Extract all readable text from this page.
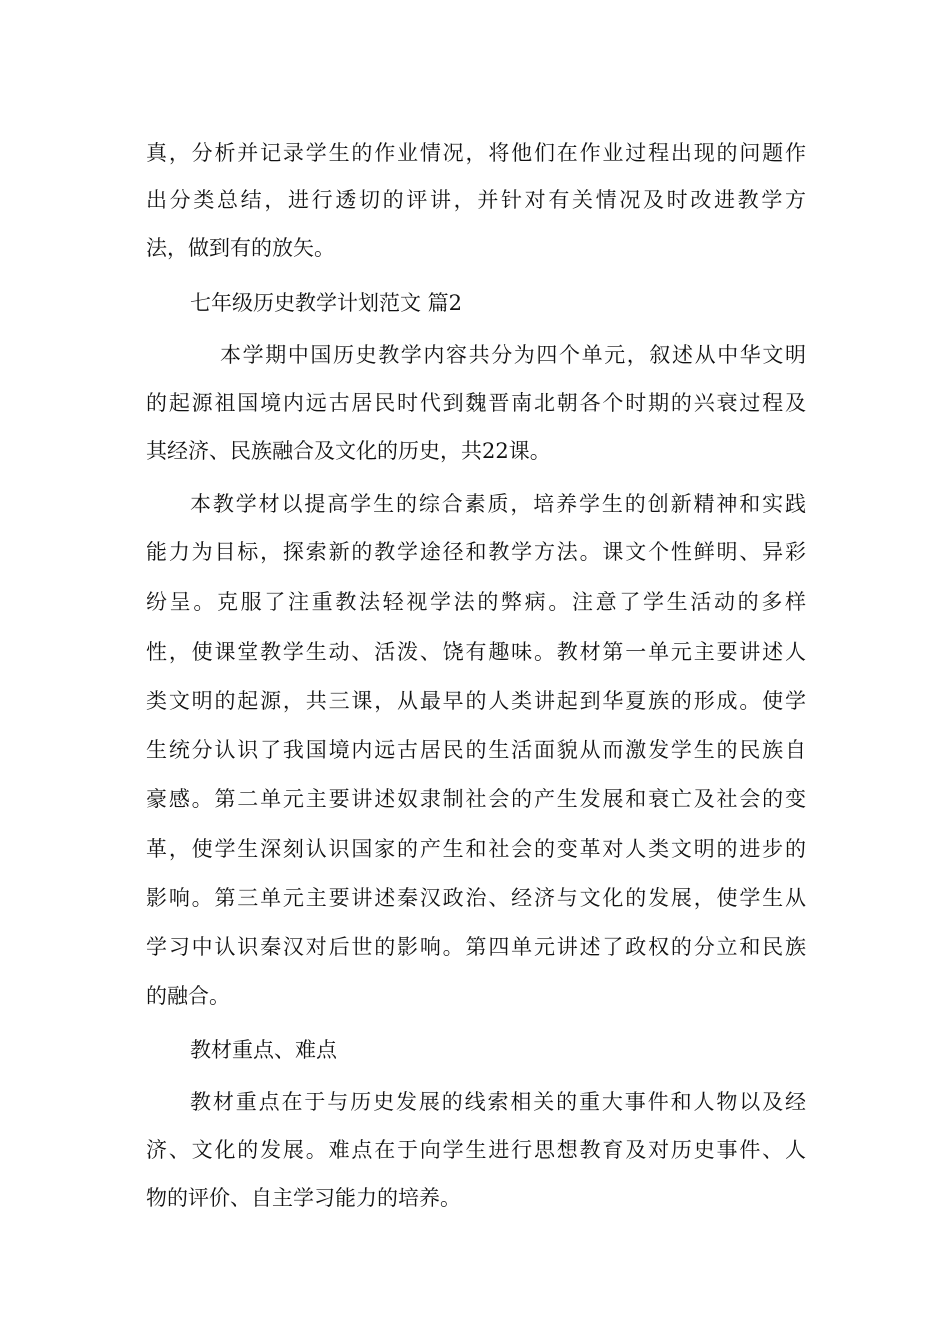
真，分析并记录学生的作业情况，将他们在作业过程出现的问题作
出分类总结，进行透切的评讲，并针对有关情况及时改进教学方
法，做到有的放矢。
七年级历史教学计划范文 篇2
本学期中国历史教学内容共分为四个单元，叙述从中华文明
的起源祖国境内远古居民时代到魏晋南北朝各个时期的兴衰过程及
其经济、民族融合及文化的历史，共22课。
本教学材以提高学生的综合素质，培养学生的创新精神和实践
能力为目标，探索新的教学途径和教学方法。课文个性鲜明、异彩
纷呈。克服了注重教法轻视学法的弊病。注意了学生活动的多样
性，使课堂教学生动、活泼、饶有趣味。教材第一单元主要讲述人
类文明的起源，共三课，从最早的人类讲起到华夏族的形成。使学
生统分认识了我国境内远古居民的生活面貌从而激发学生的民族自
豪感。第二单元主要讲述奴隶制社会的产生发展和衰亡及社会的变
革，使学生深刻认识国家的产生和社会的变革对人类文明的进步的
影响。第三单元主要讲述秦汉政治、经济与文化的发展，使学生从
学习中认识秦汉对后世的影响。第四单元讲述了政权的分立和民族
的融合。
教材重点、难点
教材重点在于与历史发展的线索相关的重大事件和人物以及经
济、文化的发展。难点在于向学生进行思想教育及对历史事件、人
物的评价、自主学习能力的培养。
